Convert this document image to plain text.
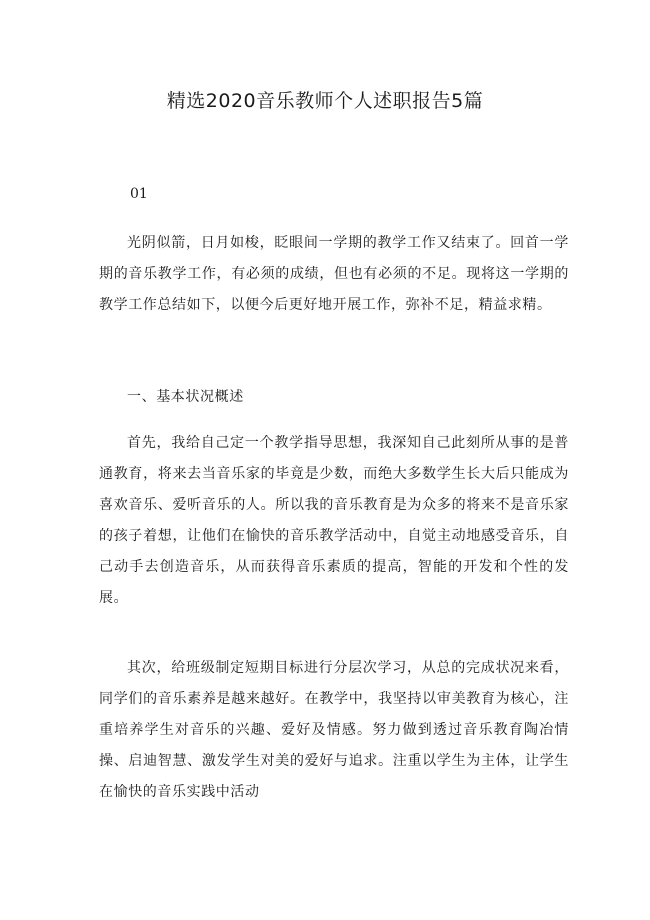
精选2020音乐教师个人述职报告5篇

01

光阴似箭，日月如梭，眨眼间一学期的教学工作又结束了。回首一学期的音乐教学工作，有必须的成绩，但也有必须的不足。现将这一学期的教学工作总结如下，以便今后更好地开展工作，弥补不足，精益求精。

一、基本状况概述

首先，我给自己定一个教学指导思想，我深知自己此刻所从事的是普通教育，将来去当音乐家的毕竟是少数，而绝大多数学生长大后只能成为喜欢音乐、爱听音乐的人。所以我的音乐教育是为众多的将来不是音乐家的孩子着想，让他们在愉快的音乐教学活动中，自觉主动地感受音乐，自己动手去创造音乐，从而获得音乐素质的提高，智能的开发和个性的发展。

其次，给班级制定短期目标进行分层次学习，从总的完成状况来看，同学们的音乐素养是越来越好。在教学中，我坚持以审美教育为核心，注重培养学生对音乐的兴趣、爱好及情感。努力做到透过音乐教育陶冶情操、启迪智慧、激发学生对美的爱好与追求。注重以学生为主体，让学生在愉快的音乐实践中活动
